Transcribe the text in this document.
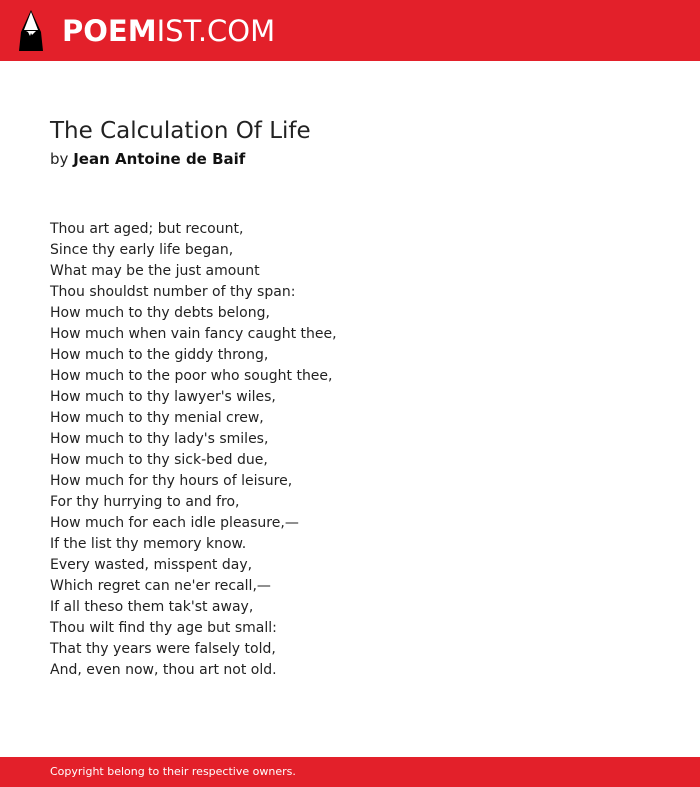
POEMIST.COM
The Calculation Of Life
by Jean Antoine de Baif
Thou art aged; but recount,
Since thy early life began,
What may be the just amount
Thou shouldst number of thy span:
How much to thy debts belong,
How much when vain fancy caught thee,
How much to the giddy throng,
How much to the poor who sought thee,
How much to thy lawyer's wiles,
How much to thy menial crew,
How much to thy lady's smiles,
How much to thy sick-bed due,
How much for thy hours of leisure,
For thy hurrying to and fro,
How much for each idle pleasure,—
If the list thy memory know.
Every wasted, misspent day,
Which regret can ne'er recall,—
If all theso them tak'st away,
Thou wilt find thy age but small:
That thy years were falsely told,
And, even now, thou art not old.
Copyright belong to their respective owners.
